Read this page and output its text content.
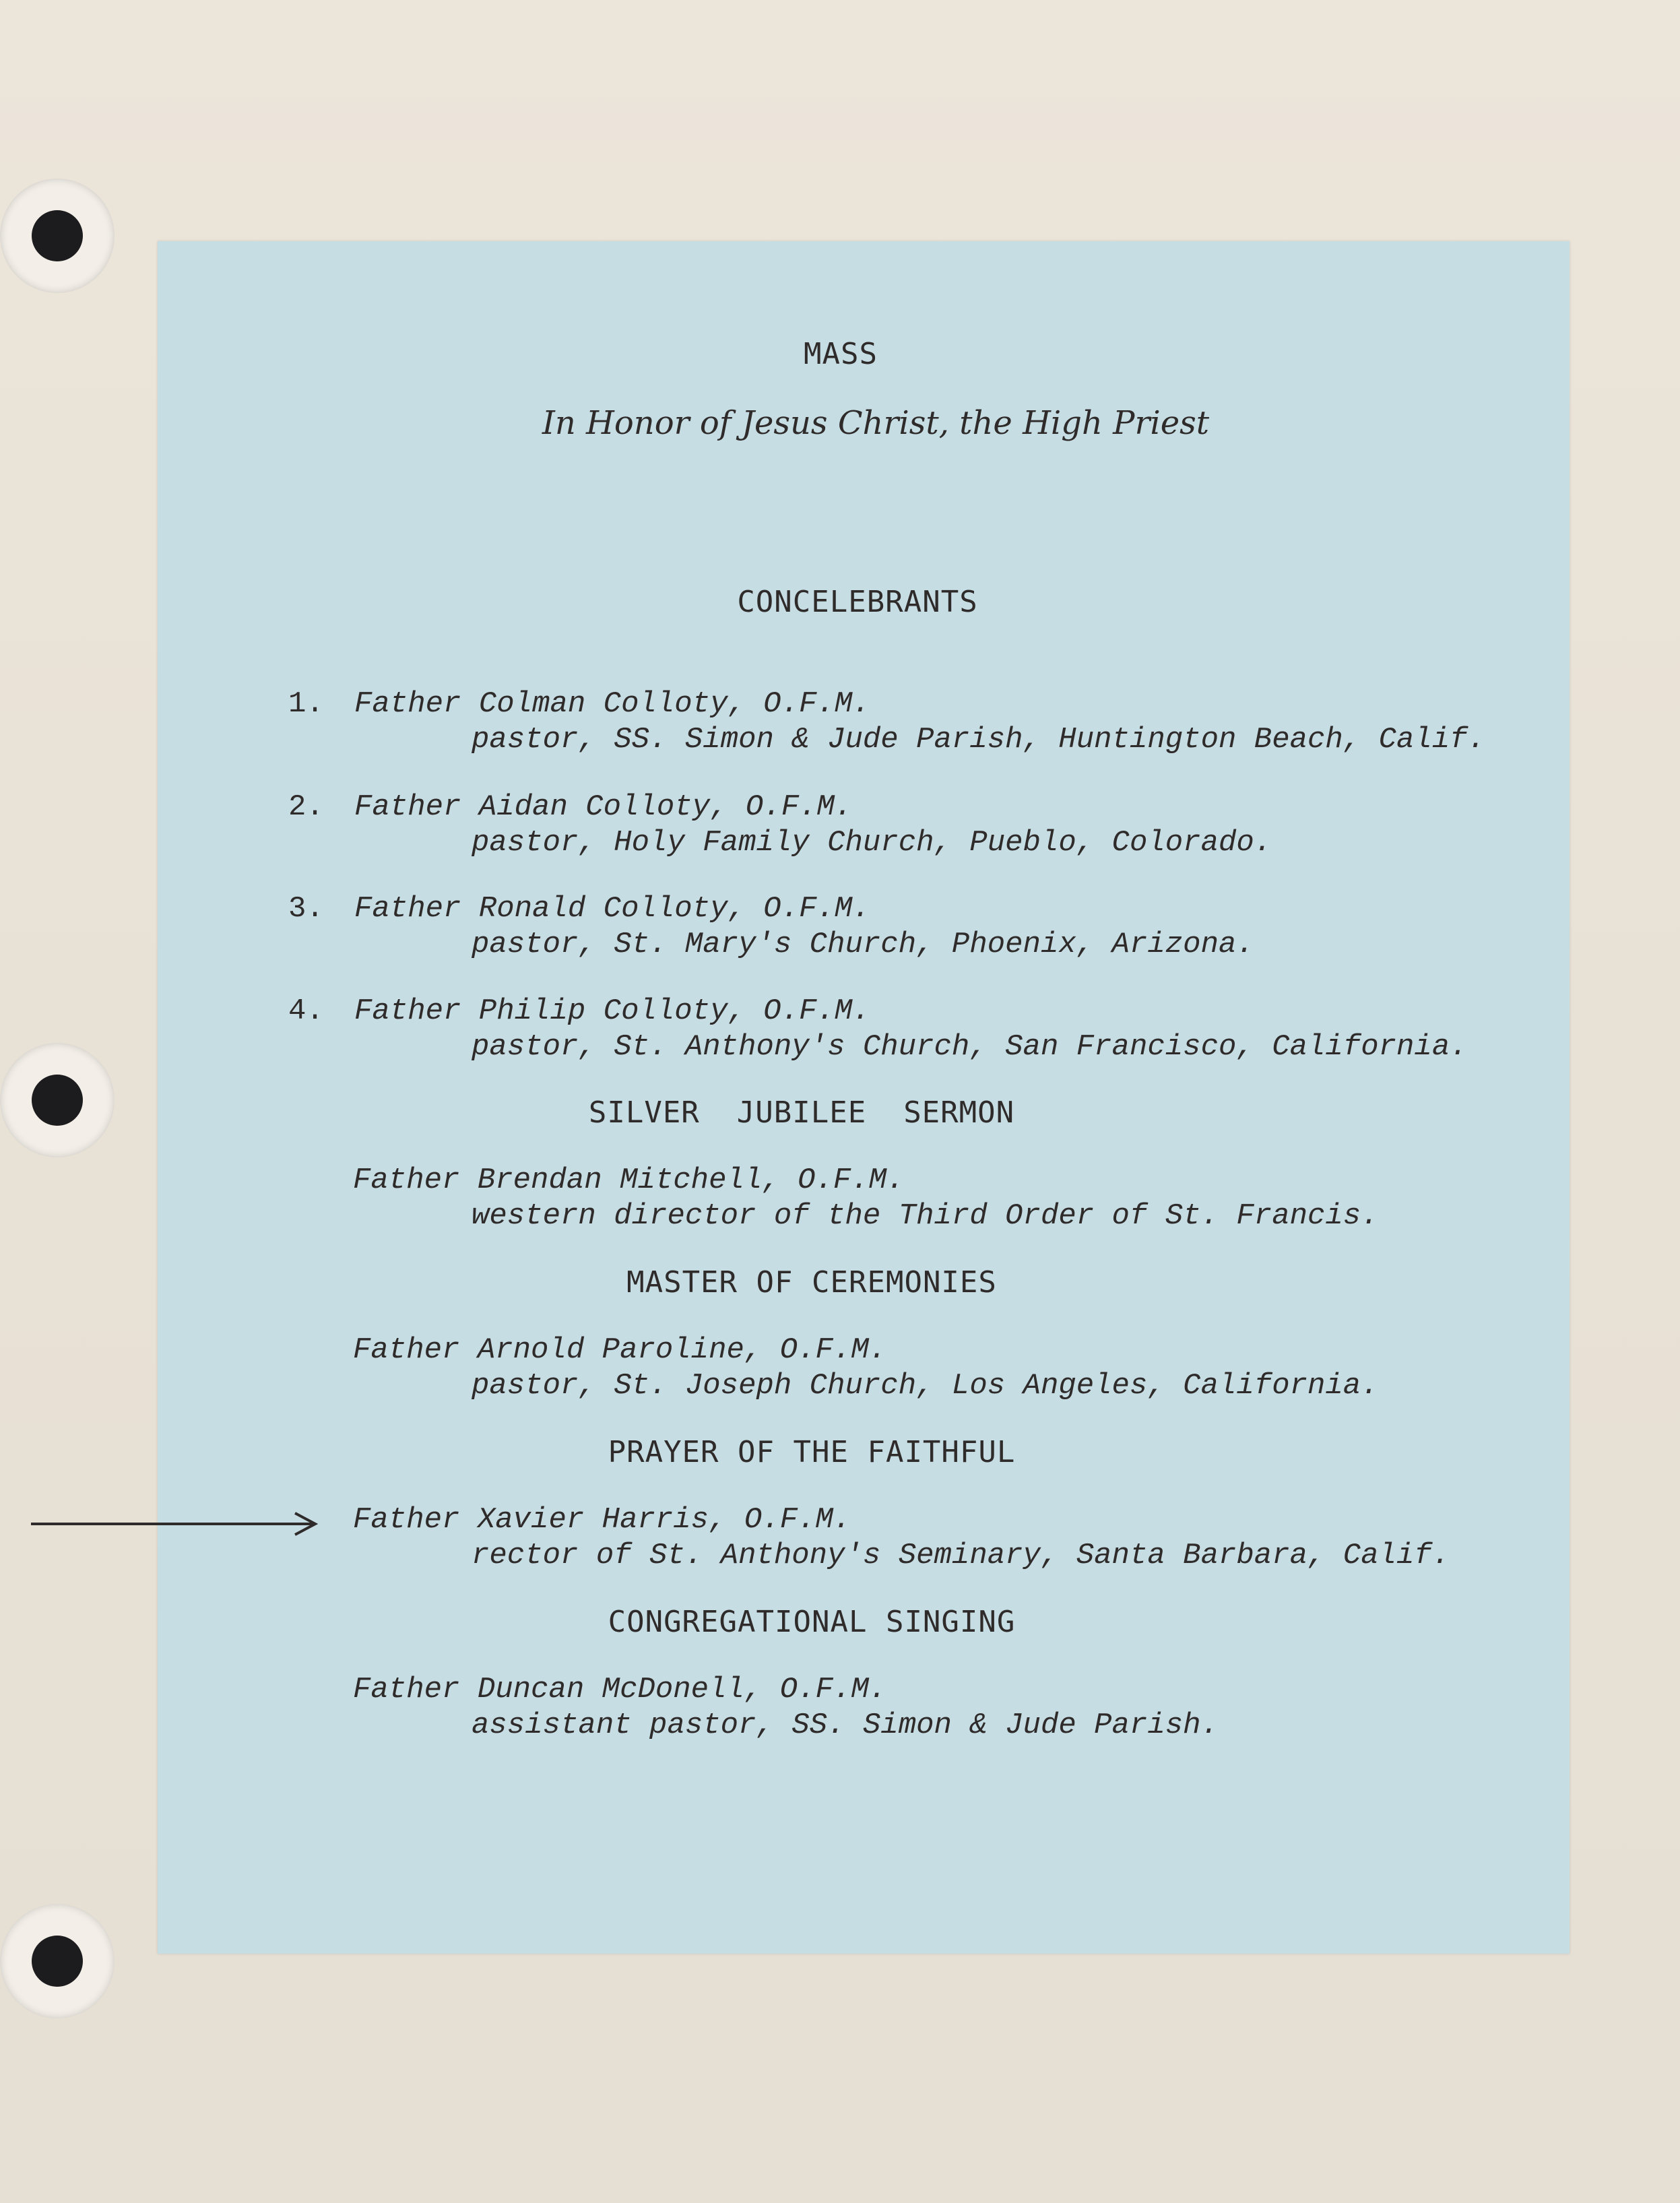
MASS
In Honor of Jesus Christ, the High Priest
CONCELEBRANTS
1. Father Colman Colloty, O.F.M.
pastor, SS. Simon & Jude Parish, Huntington Beach, Calif.
2. Father Aidan Colloty, O.F.M.
pastor, Holy Family Church, Pueblo, Colorado.
3. Father Ronald Colloty, O.F.M.
pastor, St. Mary's Church, Phoenix, Arizona.
4. Father Philip Colloty, O.F.M.
pastor, St. Anthony's Church, San Francisco, California.
SILVER  JUBILEE  SERMON
Father Brendan Mitchell, O.F.M.
western director of the Third Order of St. Francis.
MASTER OF CEREMONIES
Father Arnold Paroline, O.F.M.
pastor, St. Joseph Church, Los Angeles, California.
PRAYER OF THE FAITHFUL
Father Xavier Harris, O.F.M.
rector of St. Anthony's Seminary, Santa Barbara, Calif.
CONGREGATIONAL SINGING
Father Duncan McDonell, O.F.M.
assistant pastor, SS. Simon & Jude Parish.
